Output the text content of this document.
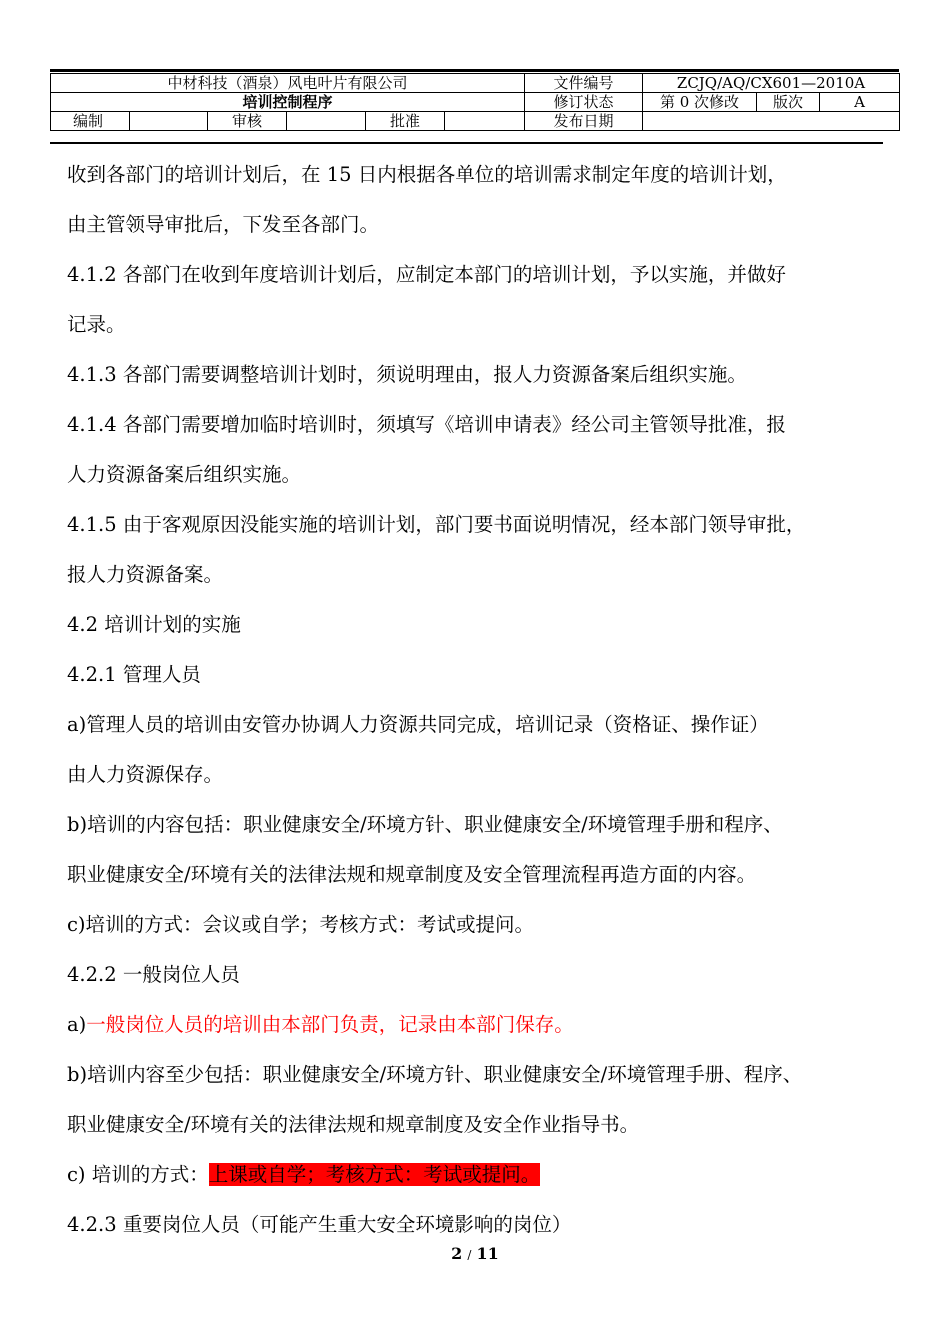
中材科技（酒泉）风电叶片有限公司						文件编号	ZCJQ/AQ/CX601—2010A		
培训控制程序						修订状态	第 0 次修改	版次	A
编制		审核		批准		发布日期			

收到各部门的培训计划后，在 15 日内根据各单位的培训需求制定年度的培训计划，

由主管领导审批后，下发至各部门。

4.1.2 各部门在收到年度培训计划后，应制定本部门的培训计划，予以实施，并做好

记录。

4.1.3 各部门需要调整培训计划时，须说明理由，报人力资源备案后组织实施。

4.1.4 各部门需要增加临时培训时，须填写《培训申请表》经公司主管领导批准，报

人力资源备案后组织实施。

4.1.5 由于客观原因没能实施的培训计划，部门要书面说明情况，经本部门领导审批，

报人力资源备案。

4.2 培训计划的实施

4.2.1 管理人员

a)管理人员的培训由安管办协调人力资源共同完成，培训记录（资格证、操作证）

由人力资源保存。

b)培训的内容包括：职业健康安全/环境方针、职业健康安全/环境管理手册和程序、

职业健康安全/环境有关的法律法规和规章制度及安全管理流程再造方面的内容。

c)培训的方式：会议或自学；考核方式：考试或提问。

4.2.2 一般岗位人员

a)一般岗位人员的培训由本部门负责，记录由本部门保存。

b)培训内容至少包括：职业健康安全/环境方针、职业健康安全/环境管理手册、程序、

职业健康安全/环境有关的法律法规和规章制度及安全作业指导书。

c) 培训的方式：上课或自学；考核方式：考试或提问。

4.2.3 重要岗位人员（可能产生重大安全环境影响的岗位）

2 / 11
